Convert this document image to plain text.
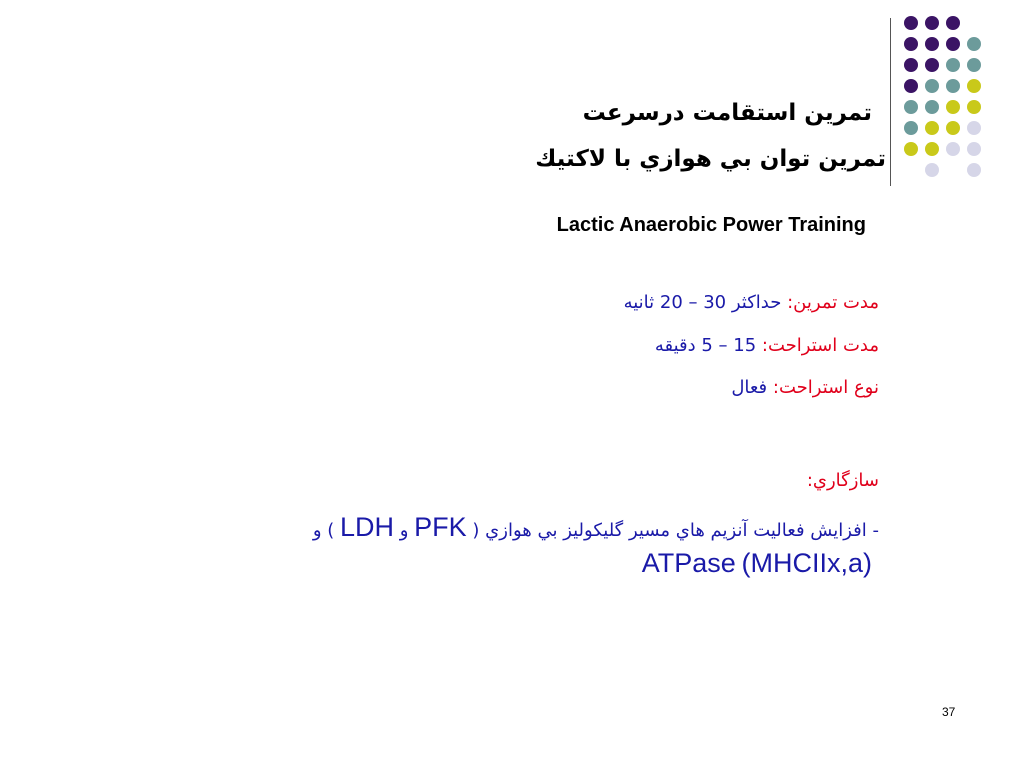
تمرين استقامت درسرعت
تمرين توان بي هوازي با لاكتيك
Lactic Anaerobic Power Training
مدت تمرين: حداكثر 30 – 20 ثانيه
مدت استراحت: 15 – 5 دقيقه
نوع استراحت: فعال
سازگاري:
- افزايش فعاليت آنزيم هاي مسير گليكوليز بي هوازي ( PFK و LDH ) و
ATPase (MHCIIx,a)
37
